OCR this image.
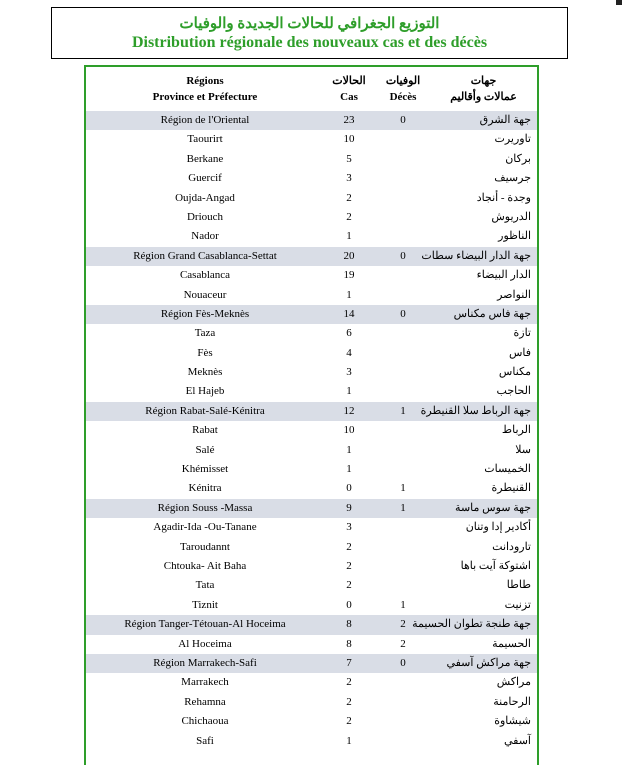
التوزيع الجغرافي للحالات الجديدة والوفيات
Distribution régionale des nouveaux cas et des décès
Régions
Province et Préfecture
الحالات
Cas
الوفيات
Décès
جهات
عمالات وأقاليم
Région de l'Oriental	23	0	جهة الشرق
Taourirt	10	تاوريرت
Berkane	5	بركان
Guercif	3	جرسيف
Oujda-Angad	2	وجدة - أنجاد
Driouch	2	الدريوش
Nador	1	الناظور
Région Grand Casablanca-Settat	20	0	جهة الدار البيضاء سطات
Casablanca	19	الدار البيضاء
Nouaceur	1	النواصر
Région Fès-Meknès	14	0	جهة فاس مكناس
Taza	6	تازة
Fès	4	فاس
Meknès	3	مكناس
El Hajeb	1	الحاجب
Région Rabat-Salé-Kénitra	12	1	جهة الرباط سلا القنيطرة
Rabat	10	الرباط
Salé	1	سلا
Khémisset	1	الخميسات
Kénitra	0	1	القنيطرة
Région Souss -Massa	9	1	جهة سوس ماسة
Agadir-Ida -Ou-Tanane	3	أكادير إدا وتنان
Taroudannt	2	تارودانت
Chtouka- Ait Baha	2	اشتوكة آيت باها
Tata	2	طاطا
Tiznit	0	1	تزنيت
Région Tanger-Tétouan-Al Hoceima	8	2 جهة طنجة تطوان الحسيمة
Al Hoceima	8	2	الحسيمة
Région Marrakech-Safi	7	0	جهة مراكش آسفي
Marrakech	2	مراكش
Rehamna	2	الرحامنة
Chichaoua	2	شيشاوة
Safi	1	آسفي
